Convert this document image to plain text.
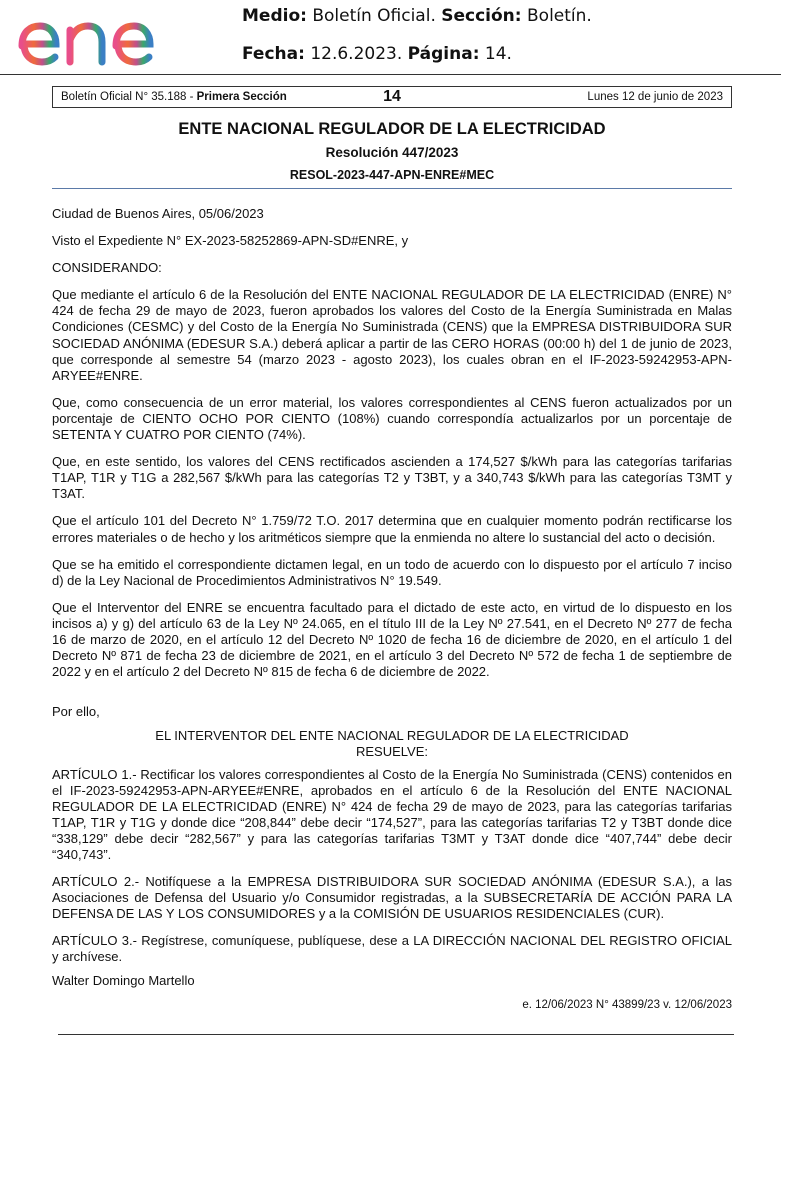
Medio: Boletín Oficial. Sección: Boletín.
Fecha: 12.6.2023. Página: 14.
Boletín Oficial N° 35.188 - Primera Sección	14	Lunes 12 de junio de 2023
ENTE NACIONAL REGULADOR DE LA ELECTRICIDAD
Resolución 447/2023
RESOL-2023-447-APN-ENRE#MEC

Ciudad de Buenos Aires, 05/06/2023

Visto el Expediente N° EX-2023-58252869-APN-SD#ENRE, y

CONSIDERANDO:

Que mediante el artículo 6 de la Resolución del ENTE NACIONAL REGULADOR DE LA ELECTRICIDAD (ENRE) N° 424 de fecha 29 de mayo de 2023, fueron aprobados los valores del Costo de la Energía Suministrada en Malas Condiciones (CESMC) y del Costo de la Energía No Suministrada (CENS) que la EMPRESA DISTRIBUIDORA SUR SOCIEDAD ANÓNIMA (EDESUR S.A.) deberá aplicar a partir de las CERO HORAS (00:00 h) del 1 de junio de 2023, que corresponde al semestre 54 (marzo 2023 - agosto 2023), los cuales obran en el IF-2023-59242953-APN-ARYEE#ENRE.

Que, como consecuencia de un error material, los valores correspondientes al CENS fueron actualizados por un porcentaje de CIENTO OCHO POR CIENTO (108%) cuando correspondía actualizarlos por un porcentaje de SETENTA Y CUATRO POR CIENTO (74%).

Que, en este sentido, los valores del CENS rectificados ascienden a 174,527 $/kWh para las categorías tarifarias T1AP, T1R y T1G a 282,567 $/kWh para las categorías T2 y T3BT, y a 340,743 $/kWh para las categorías T3MT y T3AT.

Que el artículo 101 del Decreto N° 1.759/72 T.O. 2017 determina que en cualquier momento podrán rectificarse los errores materiales o de hecho y los aritméticos siempre que la enmienda no altere lo sustancial del acto o decisión.

Que se ha emitido el correspondiente dictamen legal, en un todo de acuerdo con lo dispuesto por el artículo 7 inciso d) de la Ley Nacional de Procedimientos Administrativos N° 19.549.

Que el Interventor del ENRE se encuentra facultado para el dictado de este acto, en virtud de lo dispuesto en los incisos a) y g) del artículo 63 de la Ley Nº 24.065, en el título III de la Ley Nº 27.541, en el Decreto Nº 277 de fecha 16 de marzo de 2020, en el artículo 12 del Decreto Nº 1020 de fecha 16 de diciembre de 2020, en el artículo 1 del Decreto Nº 871 de fecha 23 de diciembre de 2021, en el artículo 3 del Decreto Nº 572 de fecha 1 de septiembre de 2022 y en el artículo 2 del Decreto Nº 815 de fecha 6 de diciembre de 2022.

Por ello,

EL INTERVENTOR DEL ENTE NACIONAL REGULADOR DE LA ELECTRICIDAD

RESUELVE:

ARTÍCULO 1.- Rectificar los valores correspondientes al Costo de la Energía No Suministrada (CENS) contenidos en el IF-2023-59242953-APN-ARYEE#ENRE, aprobados en el artículo 6 de la Resolución del ENTE NACIONAL REGULADOR DE LA ELECTRICIDAD (ENRE) N° 424 de fecha 29 de mayo de 2023, para las categorías tarifarias T1AP, T1R y T1G y donde dice “208,844” debe decir “174,527”, para las categorías tarifarias T2 y T3BT donde dice “338,129” debe decir “282,567” y para las categorías tarifarias T3MT y T3AT donde dice “407,744” debe decir “340,743”.

ARTÍCULO 2.- Notifíquese a la EMPRESA DISTRIBUIDORA SUR SOCIEDAD ANÓNIMA (EDESUR S.A.), a las Asociaciones de Defensa del Usuario y/o Consumidor registradas, a la SUBSECRETARÍA DE ACCIÓN PARA LA DEFENSA DE LAS Y LOS CONSUMIDORES y a la COMISIÓN DE USUARIOS RESIDENCIALES (CUR).

ARTÍCULO 3.- Regístrese, comuníquese, publíquese, dese a LA DIRECCIÓN NACIONAL DEL REGISTRO OFICIAL y archívese.

Walter Domingo Martello

e. 12/06/2023 N° 43899/23 v. 12/06/2023
